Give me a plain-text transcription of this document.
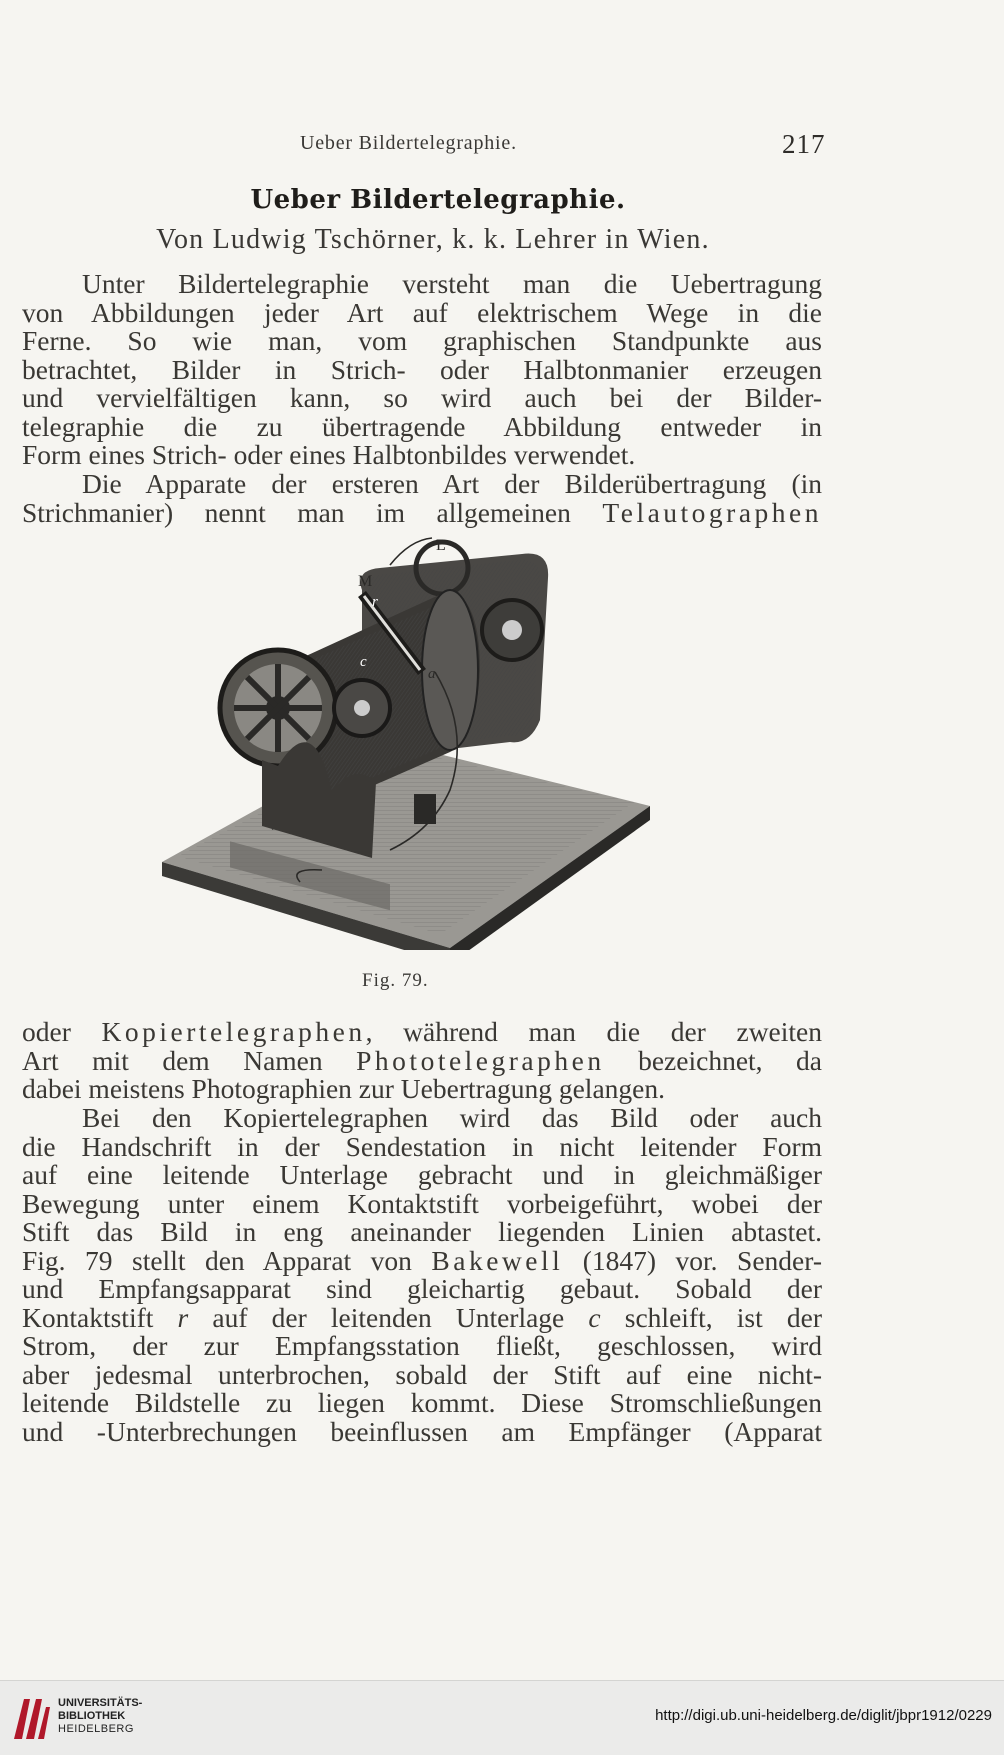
Ueber Bildertelegraphie.	217
Ueber Bildertelegraphie.
Von Ludwig Tschörner, k. k. Lehrer in Wien.
Unter Bildertelegraphie versteht man die Uebertragung
von Abbildungen jeder Art auf elektrischem Wege in die
Ferne. So wie man, vom graphischen Standpunkte aus
betrachtet, Bilder in Strich- oder Halbtonmanier erzeugen
und vervielfältigen kann, so wird auch bei der Bilder-
telegraphie die zu übertragende Abbildung entweder in
Form eines Strich- oder eines Halbtonbildes verwendet.
Die Apparate der ersteren Art der Bilderübertragung (in
Strichmanier) nennt man im allgemeinen Telautographen
L
M
r
c
a
Fig. 79.
oder Kopiertelegraphen, während man die der zweiten
Art mit dem Namen Phototelegraphen bezeichnet, da
dabei meistens Photographien zur Uebertragung gelangen.
Bei den Kopiertelegraphen wird das Bild oder auch
die Handschrift in der Sendestation in nicht leitender Form
auf eine leitende Unterlage gebracht und in gleichmäßiger
Bewegung unter einem Kontaktstift vorbeigeführt, wobei der
Stift das Bild in eng aneinander liegenden Linien abtastet.
Fig. 79 stellt den Apparat von Bakewell (1847) vor. Sender-
und Empfangsapparat sind gleichartig gebaut. Sobald der
Kontaktstift r auf der leitenden Unterlage c schleift, ist der
Strom, der zur Empfangsstation fließt, geschlossen, wird
aber jedesmal unterbrochen, sobald der Stift auf eine nicht-
leitende Bildstelle zu liegen kommt. Diese Stromschließungen
und -Unterbrechungen beeinflussen am Empfänger (Apparat
UNIVERSITÄTS-
BIBLIOTHEK
HEIDELBERG
http://digi.ub.uni-heidelberg.de/diglit/jbpr1912/0229
